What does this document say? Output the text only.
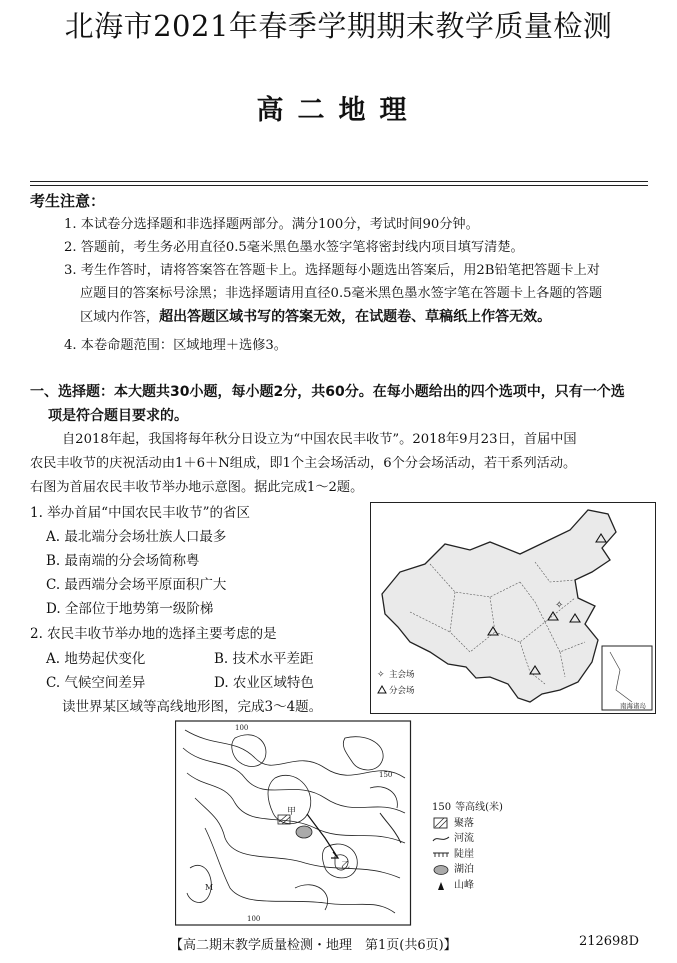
北海市2021年春季学期期末教学质量检测
高二地理
考生注意：
1. 本试卷分选择题和非选择题两部分。满分100分，考试时间90分钟。
2. 答题前，考生务必用直径0.5毫米黑色墨水签字笔将密封线内项目填写清楚。
3. 考生作答时，请将答案答在答题卡上。选择题每小题选出答案后，用2B铅笔把答题卡上对
应题目的答案标号涂黑；非选择题请用直径0.5毫米黑色墨水签字笔在答题卡上各题的答题
区域内作答，超出答题区域书写的答案无效，在试题卷、草稿纸上作答无效。
4. 本卷命题范围：区域地理＋选修3。
一、选择题：本大题共30小题，每小题2分，共60分。在每小题给出的四个选项中，只有一个选
项是符合题目要求的。
自2018年起，我国将每年秋分日设立为“中国农民丰收节”。2018年9月23日，首届中国
农民丰收节的庆祝活动由1＋6＋N组成，即1个主会场活动，6个分会场活动，若干系列活动。
右图为首届农民丰收节举办地示意图。据此完成1～2题。
1. 举办首届“中国农民丰收节”的省区
A. 最北端分会场壮族人口最多
B. 最南端的分会场简称粤
C. 最西端分会场平原面积广大
D. 全部位于地势第一级阶梯
2. 农民丰收节举办地的选择主要考虑的是
A. 地势起伏变化	B. 技术水平差距
C. 气候空间差异	D. 农业区域特色
读世界某区域等高线地形图，完成3～4题。	南海诸岛
✧
✧ 主会场
分会场
100
150
100
M
甲
乙
150 等高线(米)
聚落
河流
陡崖
湖泊
山峰
【高二期末教学质量检测・地理　第1页(共6页)】	212698D
